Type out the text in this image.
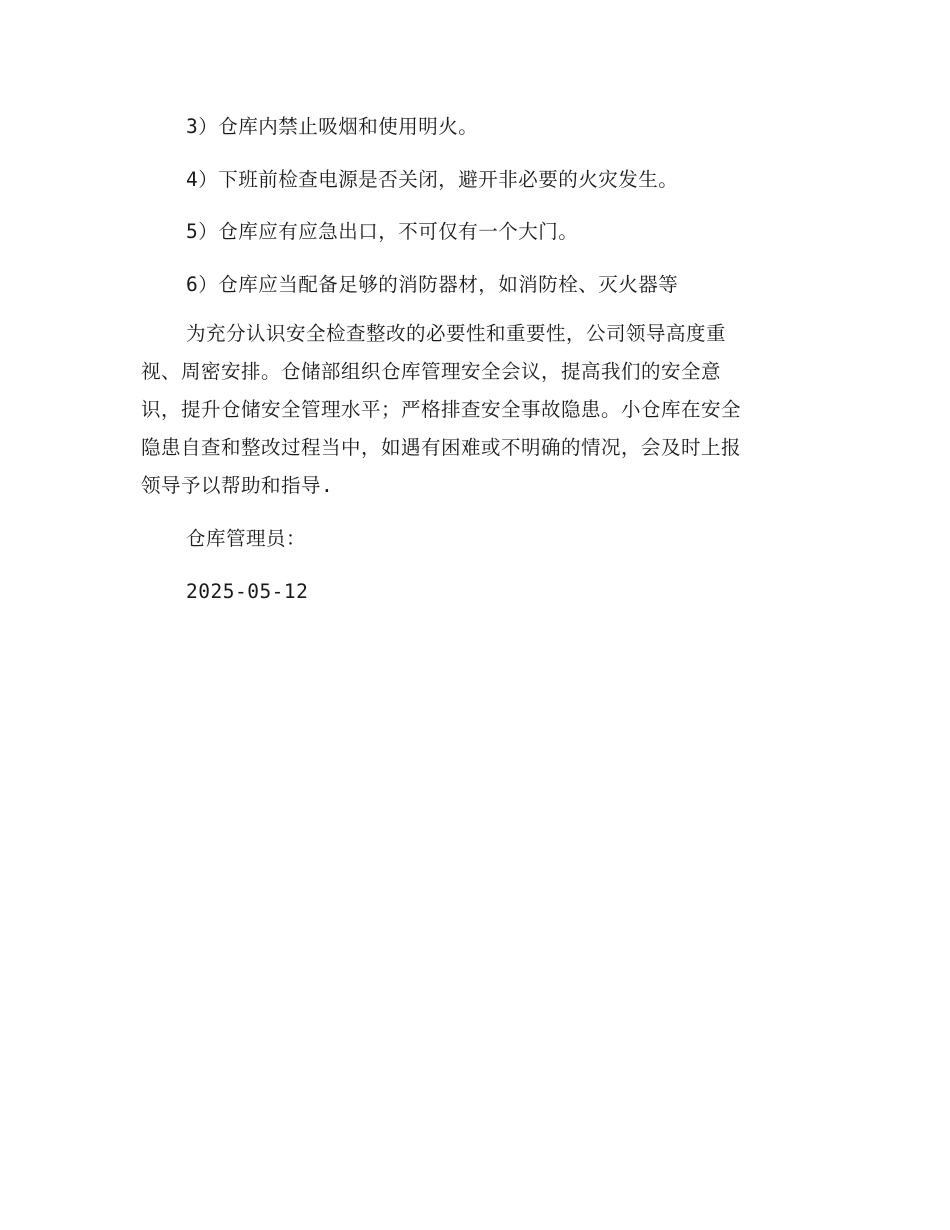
3）仓库内禁止吸烟和使用明火。
4）下班前检查电源是否关闭，避开非必要的火灾发生。
5）仓库应有应急出口，不可仅有一个大门。
6）仓库应当配备足够的消防器材，如消防栓、灭火器等
为充分认识安全检查整改的必要性和重要性，公司领导高度重
视、周密安排。仓储部组织仓库管理安全会议，提高我们的安全意
识，提升仓储安全管理水平；严格排查安全事故隐患。小仓库在安全
隐患自查和整改过程当中，如遇有困难或不明确的情况，会及时上报
领导予以帮助和指导.
仓库管理员：
2025-05-12
